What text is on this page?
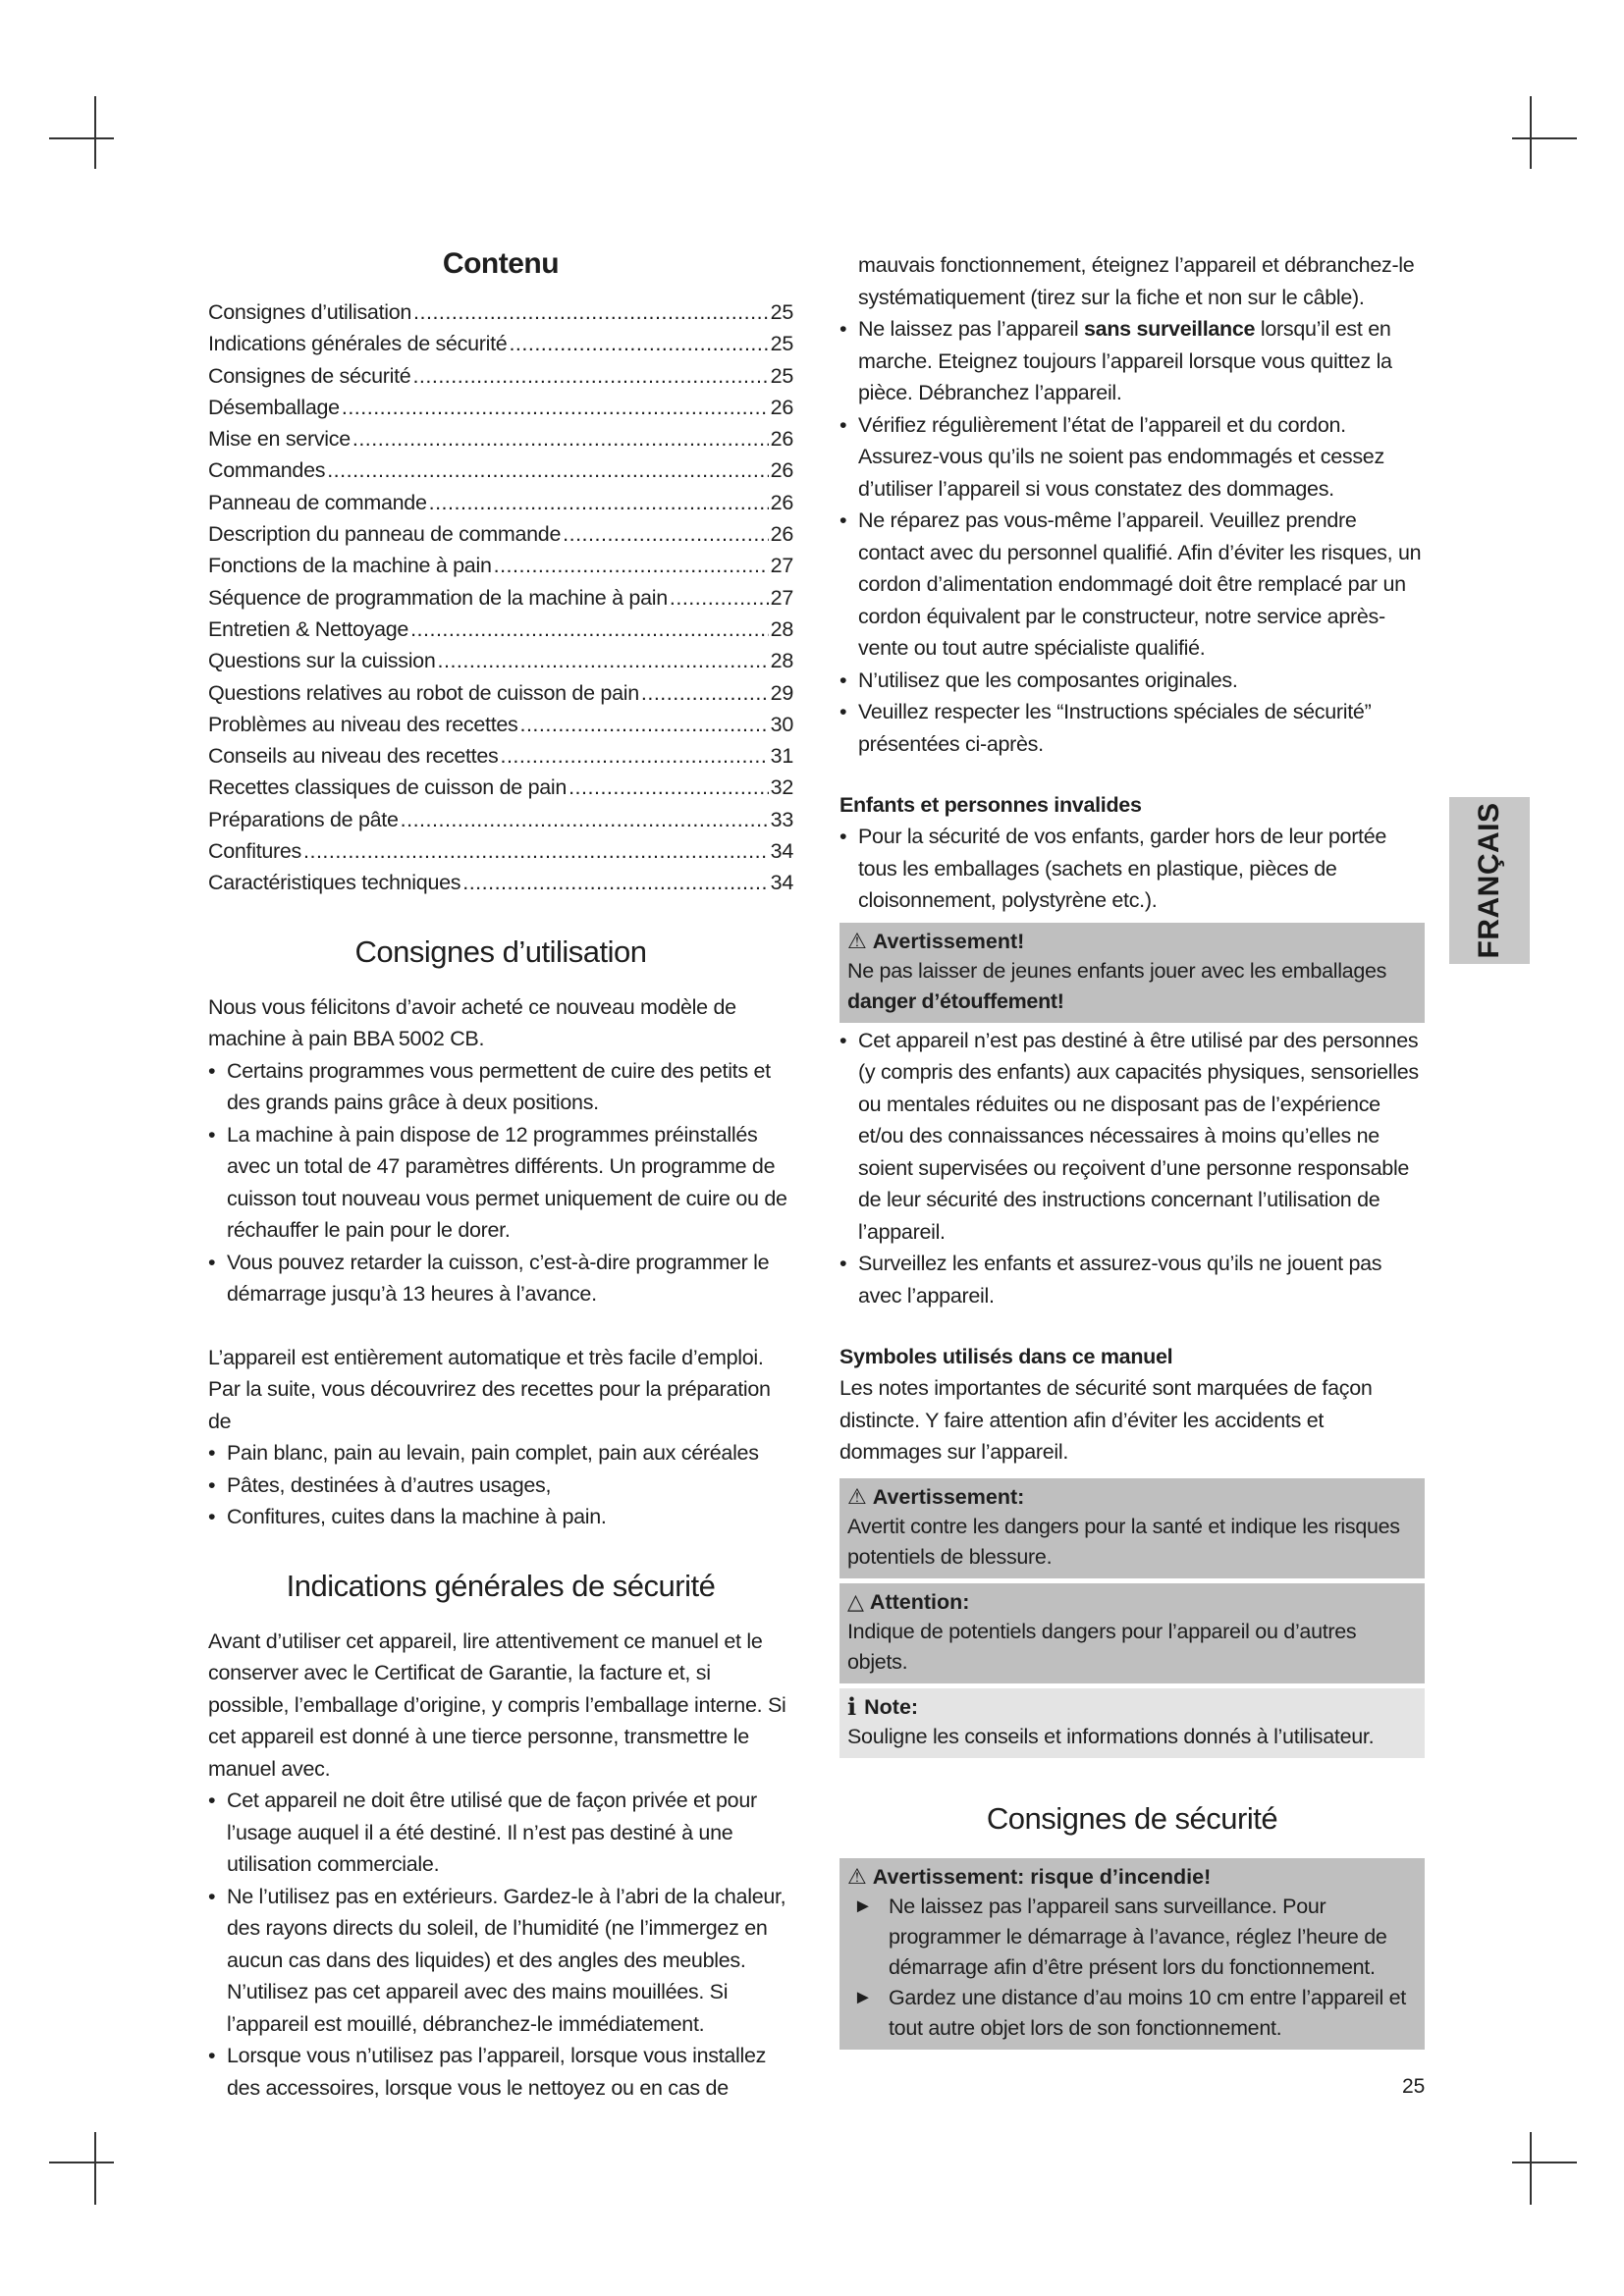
Contenu
Consignes d’utilisation .....	25
Indications générales de sécurité .....	25
Consignes de sécurité .....	25
Désemballage .....	26
Mise en service .....	26
Commandes .....	26
Panneau de commande .....	26
Description du panneau de commande .....	26
Fonctions de la machine à pain .....	27
Séquence de programmation de la machine à pain .....	27
Entretien & Nettoyage .....	28
Questions sur la cuission .....	28
Questions relatives au robot de cuisson de pain .....	29
Problèmes au niveau des recettes .....	30
Conseils au niveau des recettes .....	31
Recettes classiques de cuisson de pain .....	32
Préparations de pâte .....	33
Confitures .....	34
Caractéristiques techniques .....	34
Consignes d’utilisation

Nous vous félicitons d’avoir acheté ce nouveau modèle de machine à pain BBA 5002 CB.

• Certains programmes vous permettent de cuire des petits et des grands pains grâce à deux positions.
• La machine à pain dispose de 12 programmes préinstallés avec un total de 47 paramètres différents. Un programme de cuisson tout nouveau vous permet uniquement de cuire ou de réchauffer le pain pour le dorer.
• Vous pouvez retarder la cuisson, c’est-à-dire programmer le démarrage jusqu’à 13 heures à l’avance.

L’appareil est entièrement automatique et très facile d’emploi. Par la suite, vous découvrirez des recettes pour la préparation de

• Pain blanc, pain au levain, pain complet, pain aux céréales
• Pâtes, destinées à d’autres usages,
• Confitures, cuites dans la machine à pain.
Indications générales de sécurité

Avant d’utiliser cet appareil, lire attentivement ce manuel et le conserver avec le Certificat de Garantie, la facture et, si possible, l’emballage d’origine, y compris l’emballage interne. Si cet appareil est donné à une tierce personne, transmettre le manuel avec.

• Cet appareil ne doit être utilisé que de façon privée et pour l’usage auquel il a été destiné. Il n’est pas destiné à une utilisation commerciale.
• Ne l’utilisez pas en extérieurs. Gardez-le à l’abri de la chaleur, des rayons directs du soleil, de l’humidité (ne l’immergez en aucun cas dans des liquides) et des angles des meubles. N’utilisez pas cet appareil avec des mains mouillées. Si l’appareil est mouillé, débranchez-le immédiatement.
• Lorsque vous n’utilisez pas l’appareil, lorsque vous installez des accessoires, lorsque vous le nettoyez ou en cas de

mauvais fonctionnement, éteignez l’appareil et débranchez-le systématiquement (tirez sur la fiche et non sur le câble).

• Ne laissez pas l’appareil sans surveillance lorsqu’il est en marche. Eteignez toujours l’appareil lorsque vous quittez la pièce. Débranchez l’appareil.
• Vérifiez régulièrement l’état de l’appareil et du cordon. Assurez-vous qu’ils ne soient pas endommagés et cessez d’utiliser l’appareil si vous constatez des dommages.
• Ne réparez pas vous-même l’appareil. Veuillez prendre contact avec du personnel qualifié. Afin d’éviter les risques, un cordon d’alimentation endommagé doit être remplacé par un cordon équivalent par le constructeur, notre service après-vente ou tout autre spécialiste qualifié.
• N’utilisez que les composantes originales.
• Veuillez respecter les “Instructions spéciales de sécurité” présentées ci-après.

Enfants et personnes invalides

• Pour la sécurité de vos enfants, garder hors de leur portée tous les emballages (sachets en plastique, pièces de cloisonnement, polystyrène etc.).
⚠ Avertissement!

Ne pas laisser de jeunes enfants jouer avec les emballages

danger d’étouffement!

• Cet appareil n’est pas destiné à être utilisé par des personnes (y compris des enfants) aux capacités physiques, sensorielles ou mentales réduites ou ne disposant pas de l’expérience et/ou des connaissances nécessaires à moins qu’elles ne soient supervisées ou reçoivent d’une personne responsable de leur sécurité des instructions concernant l’utilisation de l’appareil.
• Surveillez les enfants et assurez-vous qu’ils ne jouent pas avec l’appareil.

Symboles utilisés dans ce manuel

Les notes importantes de sécurité sont marquées de façon distincte. Y faire attention afin d’éviter les accidents et dommages sur l’appareil.

⚠ Avertissement:

Avertit contre les dangers pour la santé et indique les risques potentiels de blessure.

△ Attention:

Indique de potentiels dangers pour l’appareil ou d’autres objets.

i Note:

Souligne les conseils et informations donnés à l’utilisateur.

Consignes de sécurité
⚠ Avertissement: risque d’incendie!
► Ne laissez pas l’appareil sans surveillance. Pour programmer le démarrage à l’avance, réglez l’heure de démarrage afin d’être présent lors du fonctionnement.
► Gardez une distance d’au moins 10 cm entre l’appareil et tout autre objet lors de son fonctionnement.
FRANÇAIS
25
